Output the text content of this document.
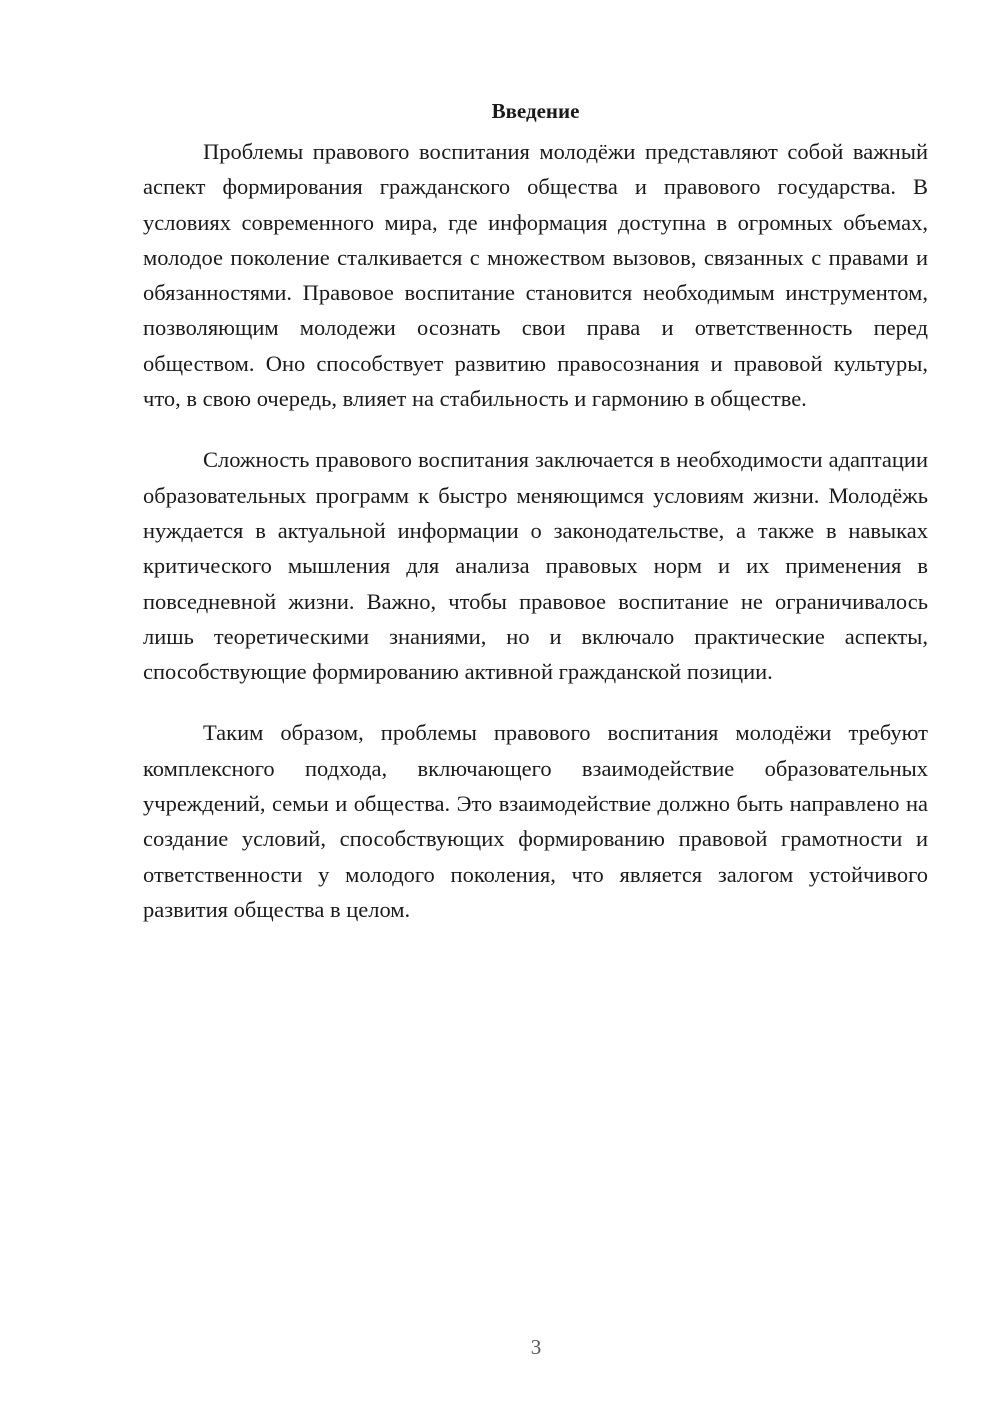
Введение

Проблемы правового воспитания молодёжи представляют собой важный аспект формирования гражданского общества и правового государства. В условиях современного мира, где информация доступна в огромных объемах, молодое поколение сталкивается с множеством вызовов, связанных с правами и обязанностями. Правовое воспитание становится необходимым инструментом, позволяющим молодежи осознать свои права и ответственность перед обществом. Оно способствует развитию правосознания и правовой культуры, что, в свою очередь, влияет на стабильность и гармонию в обществе.

Сложность правового воспитания заключается в необходимости адаптации образовательных программ к быстро меняющимся условиям жизни. Молодёжь нуждается в актуальной информации о законодательстве, а также в навыках критического мышления для анализа правовых норм и их применения в повседневной жизни. Важно, чтобы правовое воспитание не ограничивалось лишь теоретическими знаниями, но и включало практические аспекты, способствующие формированию активной гражданской позиции.

Таким образом, проблемы правового воспитания молодёжи требуют комплексного подхода, включающего взаимодействие образовательных учреждений, семьи и общества. Это взаимодействие должно быть направлено на создание условий, способствующих формированию правовой грамотности и ответственности у молодого поколения, что является залогом устойчивого развития общества в целом.

3
